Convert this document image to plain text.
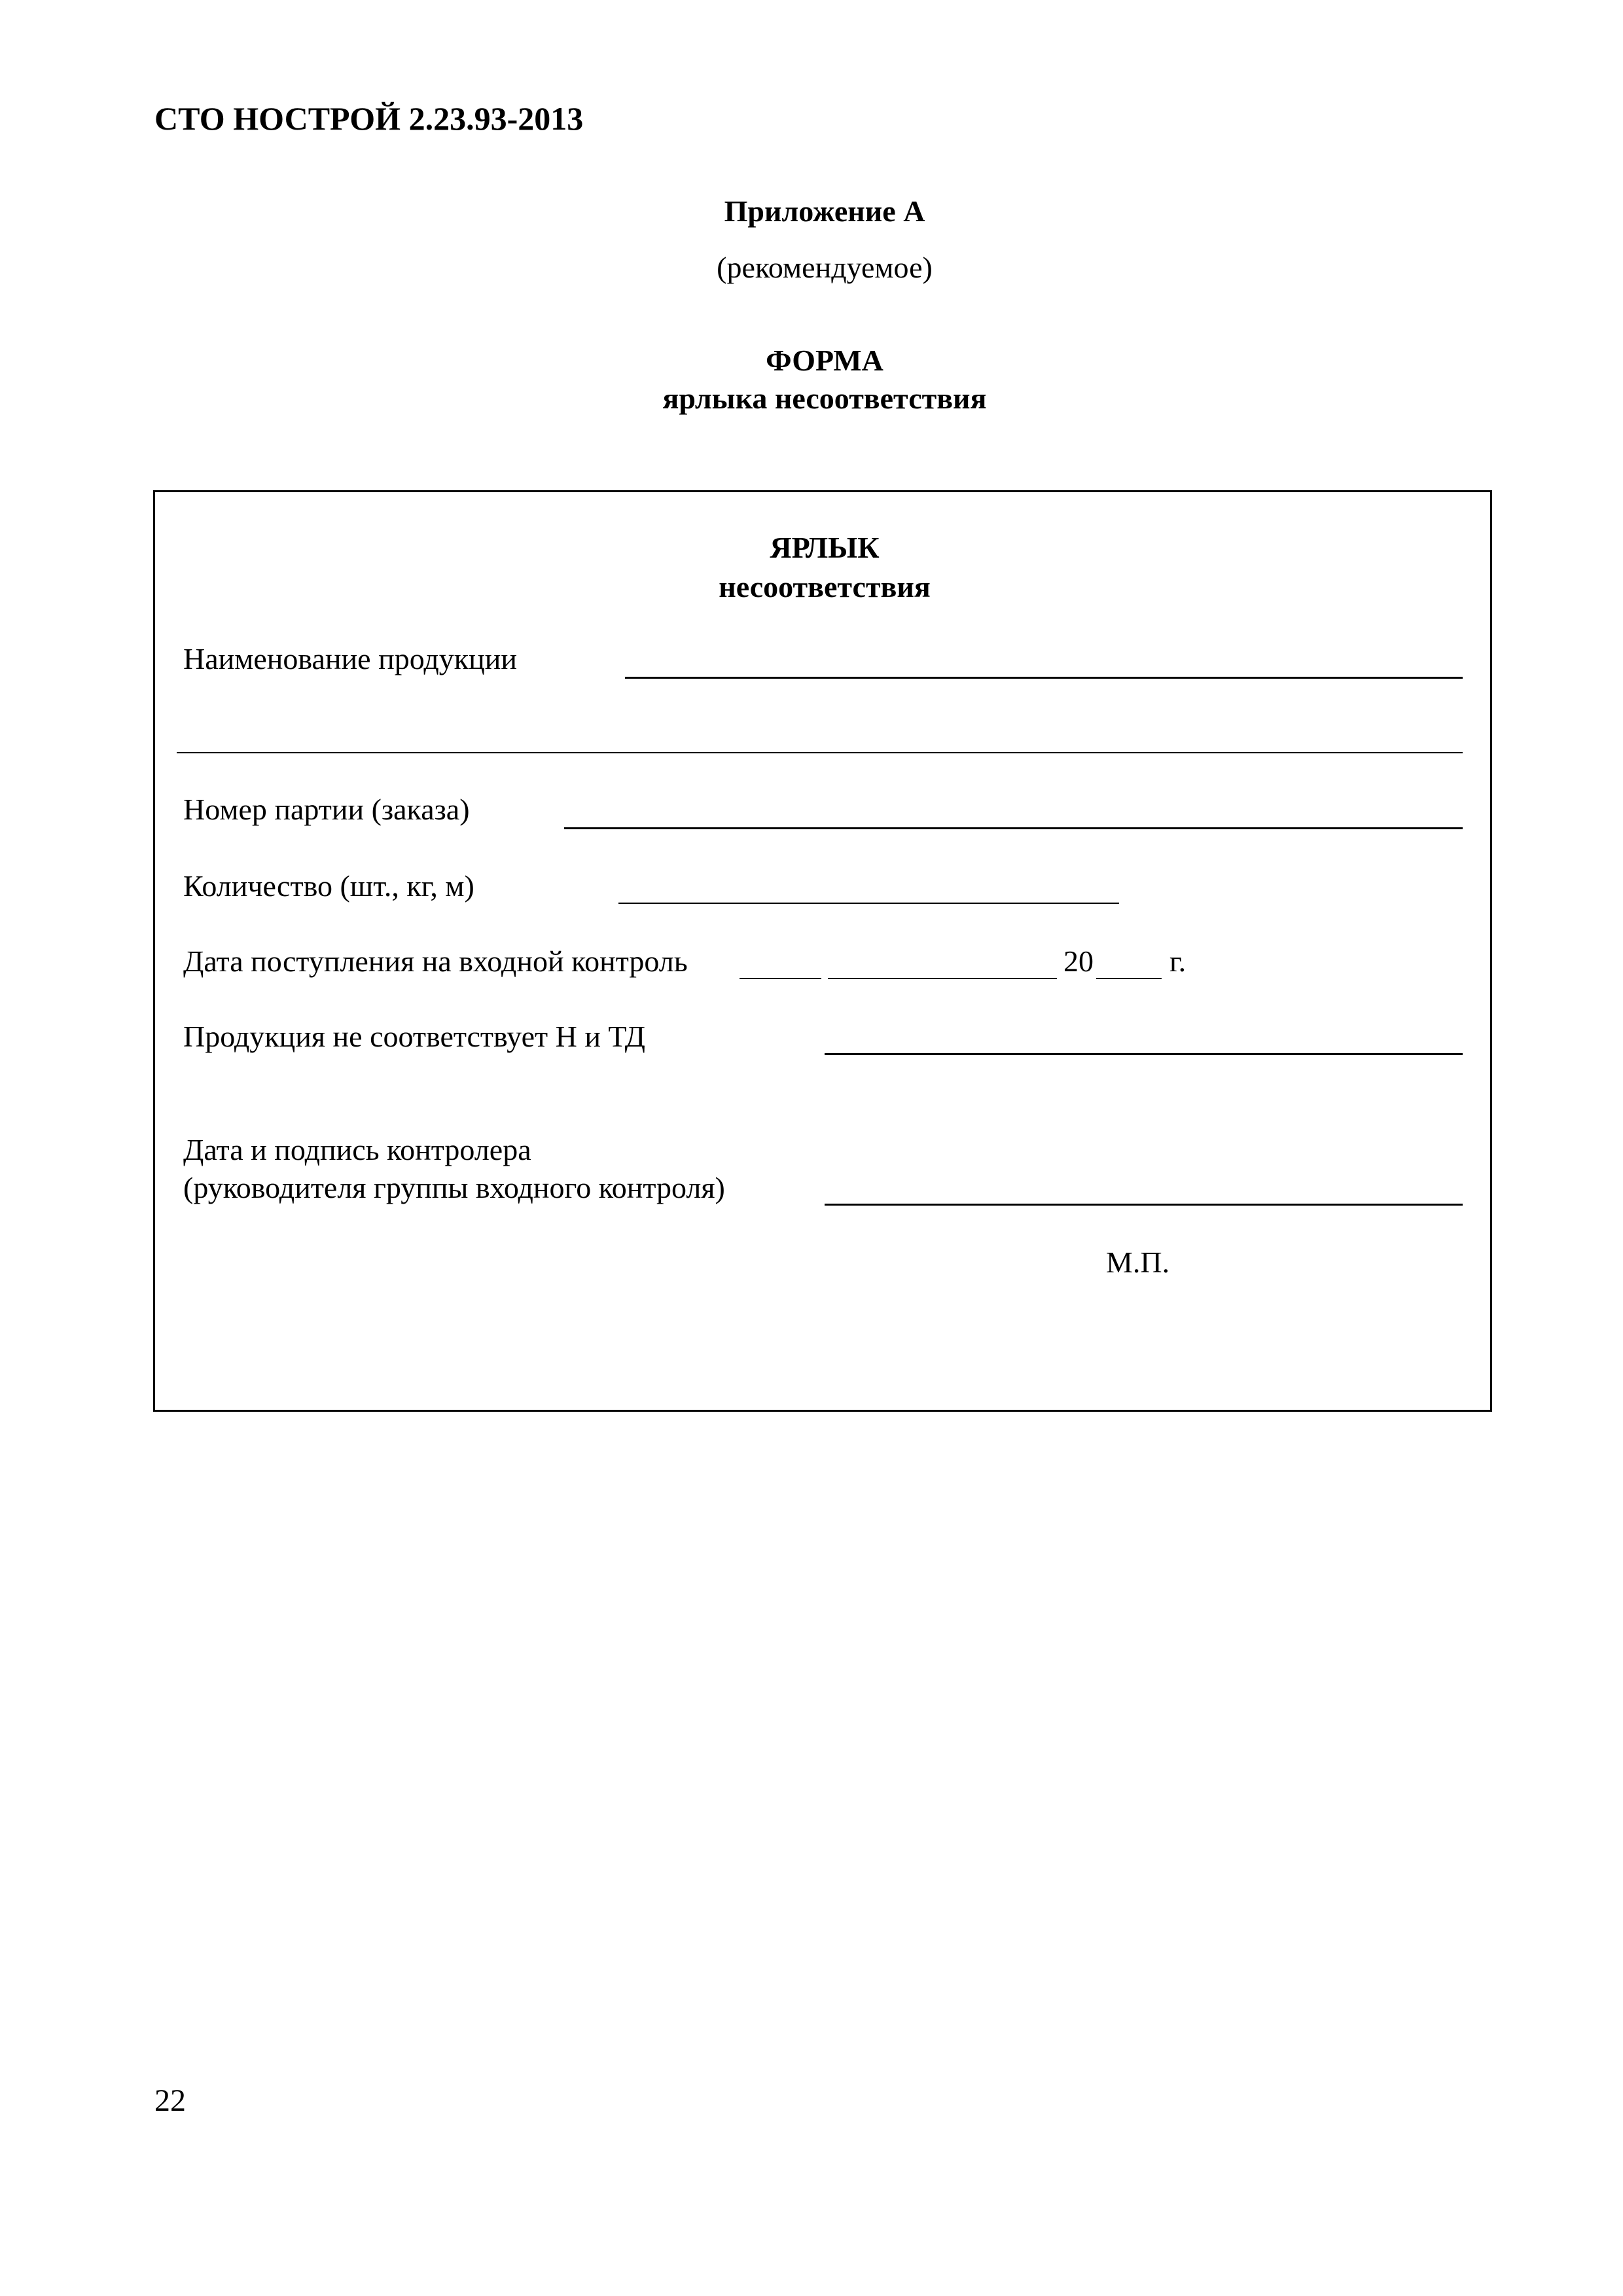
СТО НОСТРОЙ 2.23.93-2013
Приложение А
(рекомендуемое)
ФОРМА
ярлыка несоответствия
ЯРЛЫК
несоответствия
Наименование продукции
Номер партии (заказа)
Количество (шт., кг, м)
Дата поступления на входной контроль	20	г.
Продукция не соответствует Н и ТД
Дата и подпись контролера
(руководителя группы входного контроля)
М.П.
22
